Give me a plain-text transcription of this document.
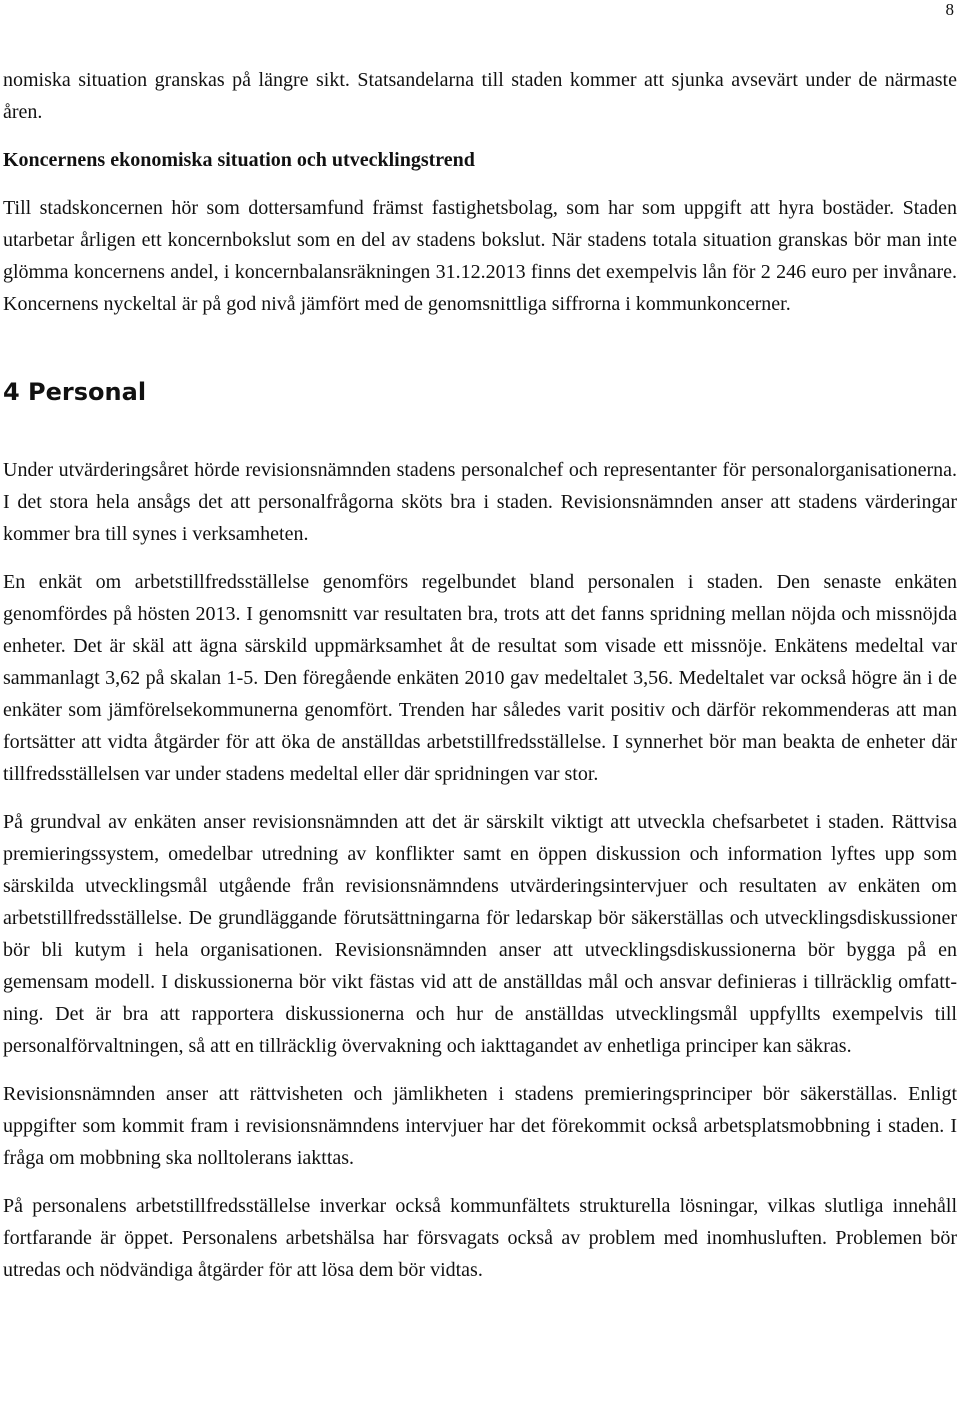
8

nomiska situation granskas på längre sikt. Statsandelarna till staden kommer att sjunka avsevärt under de närmaste åren.

Koncernens ekonomiska situation och utvecklingstrend

Till stadskoncernen hör som dottersamfund främst fastighetsbolag, som har som uppgift att hyra bostäder. Staden utarbetar årligen ett koncernbokslut som en del av stadens bokslut. När stadens totala situation granskas bör man inte glömma koncernens andel, i koncernbalansräkningen 31.12.2013 finns det exempelvis lån för 2 246 euro per invånare. Koncernens nyckeltal är på god nivå jämfört med de genomsnittliga siffrorna i kommunkoncerner.

4 Personal

Under utvärderingsåret hörde revisionsnämnden stadens personalchef och representanter för personalorganisationerna. I det stora hela ansågs det att personalfrågorna sköts bra i staden. Revisionsnämnden anser att stadens värderingar kommer bra till synes i verksamheten.

En enkät om arbetstillfredsställelse genomförs regelbundet bland personalen i staden. Den senaste enkäten genomfördes på hösten 2013. I genomsnitt var resultaten bra, trots att det fanns spridning mellan nöjda och missnöjda enheter. Det är skäl att ägna särskild uppmärksamhet åt de resultat som visade ett missnöje. Enkätens medeltal var sammanlagt 3,62 på skalan 1-5. Den föregående enkäten 2010 gav medeltalet 3,56. Medeltalet var också högre än i de enkäter som jämförelsekommunerna genomfört. Trenden har således varit positiv och därför rekommenderas att man fortsätter att vidta åtgärder för att öka de anställdas arbetstillfredsställelse. I synnerhet bör man beakta de enheter där tillfredsställelsen var under stadens medeltal eller där spridningen var stor.

På grundval av enkäten anser revisionsnämnden att det är särskilt viktigt att utveckla chefsarbetet i staden. Rättvisa premieringssystem, omedelbar utredning av konflikter samt en öppen diskussion och information lyftes upp som särskilda utvecklingsmål utgående från revisionsnämndens utvärderingsintervjuer och resultaten av enkäten om arbetstillfredsställelse. De grundläggande förutsättningarna för ledarskap bör säkerställas och utvecklingsdiskussioner bör bli kutym i hela organisationen. Revisionsnämnden anser att utvecklingsdiskussionerna bör bygga på en gemensam modell. I diskussionerna bör vikt fästas vid att de anställdas mål och ansvar definieras i tillräcklig omfattning. Det är bra att rapportera diskussionerna och hur de anställdas utvecklingsmål uppfyllts exempelvis till personalförvaltningen, så att en tillräcklig övervakning och iakttagandet av enhetliga principer kan säkras.

Revisionsnämnden anser att rättvisheten och jämlikheten i stadens premieringsprinciper bör säkerställas. Enligt uppgifter som kommit fram i revisionsnämndens intervjuer har det förekommit också arbetsplatsmobbning i staden. I fråga om mobbning ska nolltolerans iakttas.

På personalens arbetstillfredsställelse inverkar också kommunfältets strukturella lösningar, vilkas slutliga innehåll fortfarande är öppet. Personalens arbetshälsa har försvagats också av problem med inomhusluften. Problemen bör utredas och nödvändiga åtgärder för att lösa dem bör vidtas.
